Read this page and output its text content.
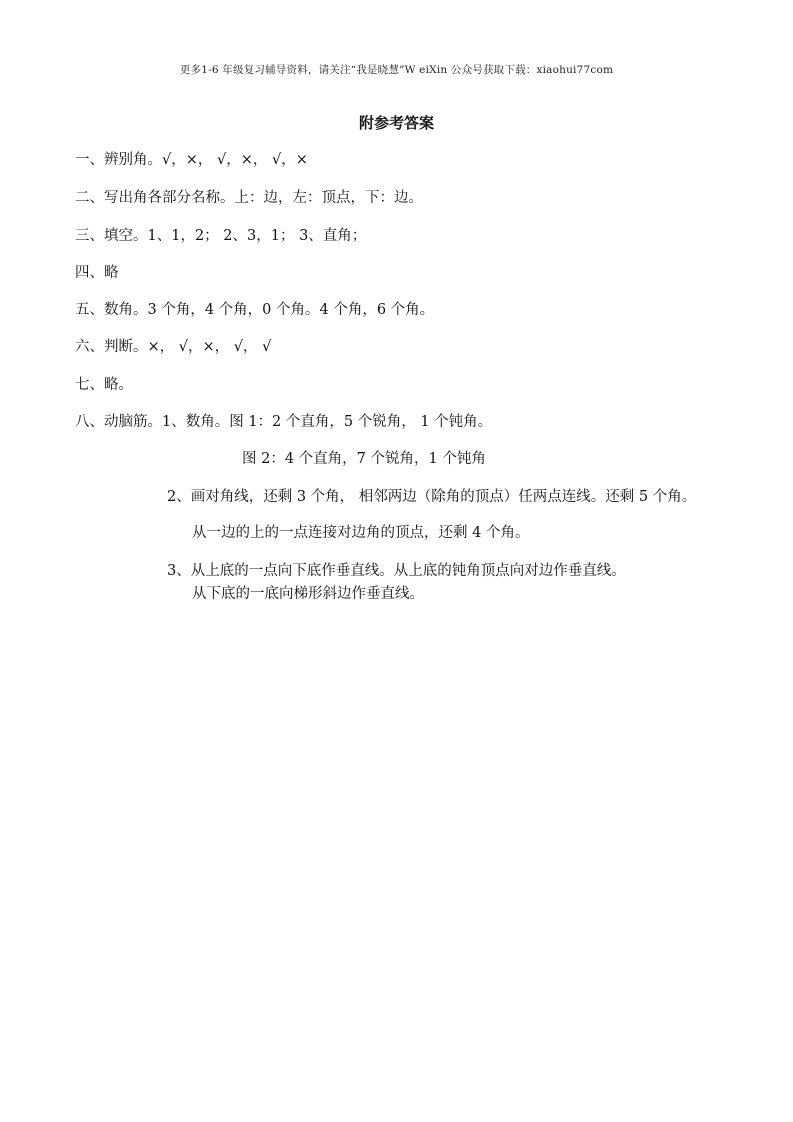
更多1-6 年级复习辅导资料，请关注“我是晓慧”W eiXin 公众号获取下载：xiaohui77com
附参考答案
一、辨别角。√，×， √，×， √，×
二、写出角各部分名称。上：边，左：顶点，下：边。
三、填空。1、1，2； 2、3，1； 3、直角；
四、略
五、数角。3 个角，4 个角，0 个角。4 个角，6 个角。
六、判断。×， √，×， √， √
七、略。
八、动脑筋。1、数角。图 1：2 个直角，5 个锐角， 1 个钝角。
图 2：4 个直角，7 个锐角，1 个钝角
2、画对角线，还剩 3 个角， 相邻两边（除角的顶点）任两点连线。还剩 5 个角。
从一边的上的一点连接对边角的顶点，还剩 4 个角。
3、从上底的一点向下底作垂直线。从上底的钝角顶点向对边作垂直线。
从下底的一底向梯形斜边作垂直线。
